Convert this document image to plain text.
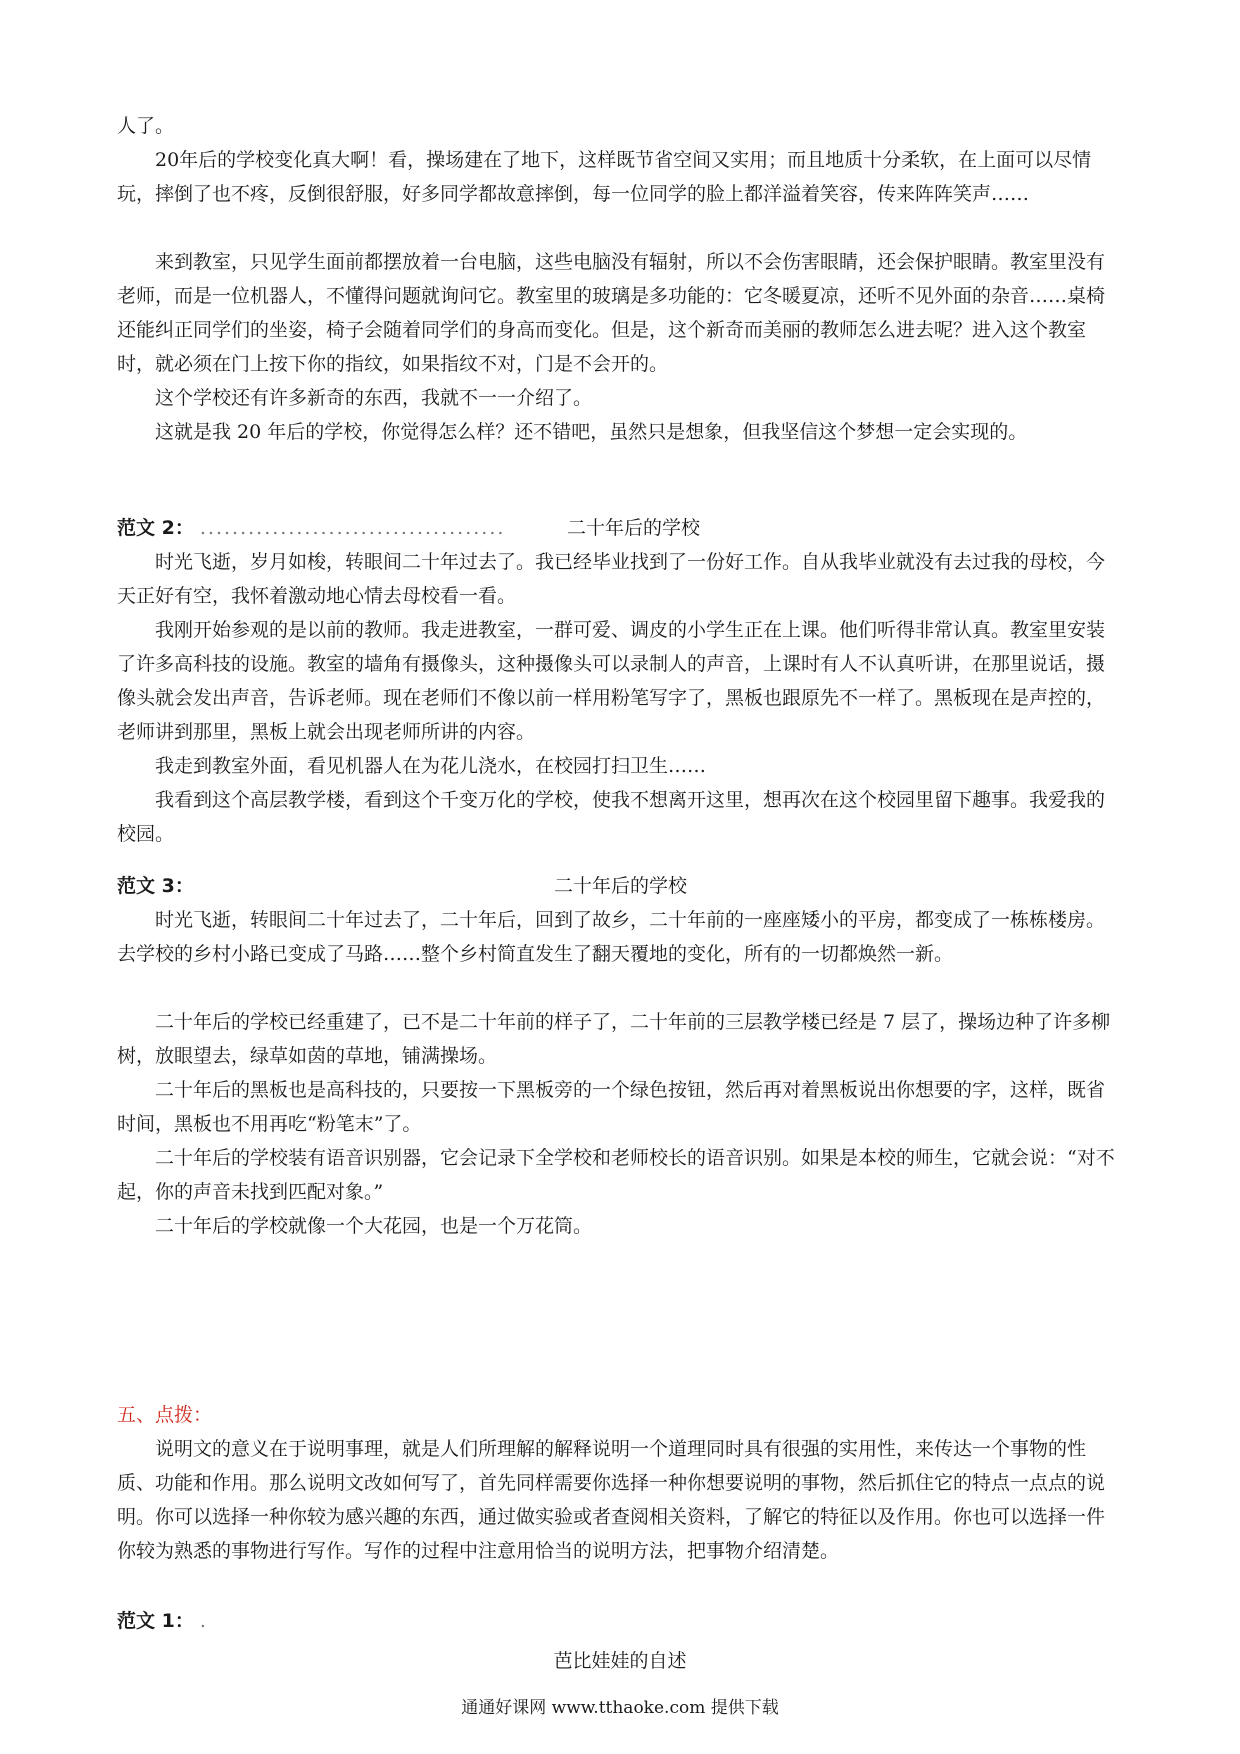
人了。

20年后的学校变化真大啊！看，操场建在了地下，这样既节省空间又实用；而且地质十分柔软，在上面可以尽情玩，摔倒了也不疼，反倒很舒服，好多同学都故意摔倒，每一位同学的脸上都洋溢着笑容，传来阵阵笑声……

来到教室，只见学生面前都摆放着一台电脑，这些电脑没有辐射，所以不会伤害眼睛，还会保护眼睛。教室里没有老师，而是一位机器人，不懂得问题就询问它。教室里的玻璃是多功能的：它冬暖夏凉，还听不见外面的杂音……桌椅还能纠正同学们的坐姿，椅子会随着同学们的身高而变化。但是，这个新奇而美丽的教师怎么进去呢？进入这个教室时，就必须在门上按下你的指纹，如果指纹不对，门是不会开的。

这个学校还有许多新奇的东西，我就不一一介绍了。

这就是我 20 年后的学校，你觉得怎么样？还不错吧，虽然只是想象，但我坚信这个梦想一定会实现的。

范文 2： ......................................	二十年后的学校

时光飞逝，岁月如梭，转眼间二十年过去了。我已经毕业找到了一份好工作。自从我毕业就没有去过我的母校，今天正好有空，我怀着激动地心情去母校看一看。

我刚开始参观的是以前的教师。我走进教室，一群可爱、调皮的小学生正在上课。他们听得非常认真。教室里安装了许多高科技的设施。教室的墙角有摄像头，这种摄像头可以录制人的声音，上课时有人不认真听讲，在那里说话，摄像头就会发出声音，告诉老师。现在老师们不像以前一样用粉笔写字了，黑板也跟原先不一样了。黑板现在是声控的，老师讲到那里，黑板上就会出现老师所讲的内容。

我走到教室外面，看见机器人在为花儿浇水，在校园打扫卫生……

我看到这个高层教学楼，看到这个千变万化的学校，使我不想离开这里，想再次在这个校园里留下趣事。我爱我的校园。

范文 3：	二十年后的学校

时光飞逝，转眼间二十年过去了，二十年后，回到了故乡，二十年前的一座座矮小的平房，都变成了一栋栋楼房。去学校的乡村小路已变成了马路……整个乡村简直发生了翻天覆地的变化，所有的一切都焕然一新。

二十年后的学校已经重建了，已不是二十年前的样子了，二十年前的三层教学楼已经是 7 层了，操场边种了许多柳树，放眼望去，绿草如茵的草地，铺满操场。

二十年后的黑板也是高科技的，只要按一下黑板旁的一个绿色按钮，然后再对着黑板说出你想要的字，这样，既省时间，黑板也不用再吃“粉笔末”了。

二十年后的学校装有语音识别器，它会记录下全学校和老师校长的语音识别。如果是本校的师生，它就会说：“对不起，你的声音未找到匹配对象。”

二十年后的学校就像一个大花园，也是一个万花筒。

五、点拨：

说明文的意义在于说明事理，就是人们所理解的解释说明一个道理同时具有很强的实用性，来传达一个事物的性质、功能和作用。那么说明文改如何写了，首先同样需要你选择一种你想要说明的事物，然后抓住它的特点一点点的说明。你可以选择一种你较为感兴趣的东西，通过做实验或者查阅相关资料，了解它的特征以及作用。你也可以选择一件你较为熟悉的事物进行写作。写作的过程中注意用恰当的说明方法，把事物介绍清楚。

范文 1： .
芭比娃娃的自述
通通好课网 www.tthaoke.com 提供下载
